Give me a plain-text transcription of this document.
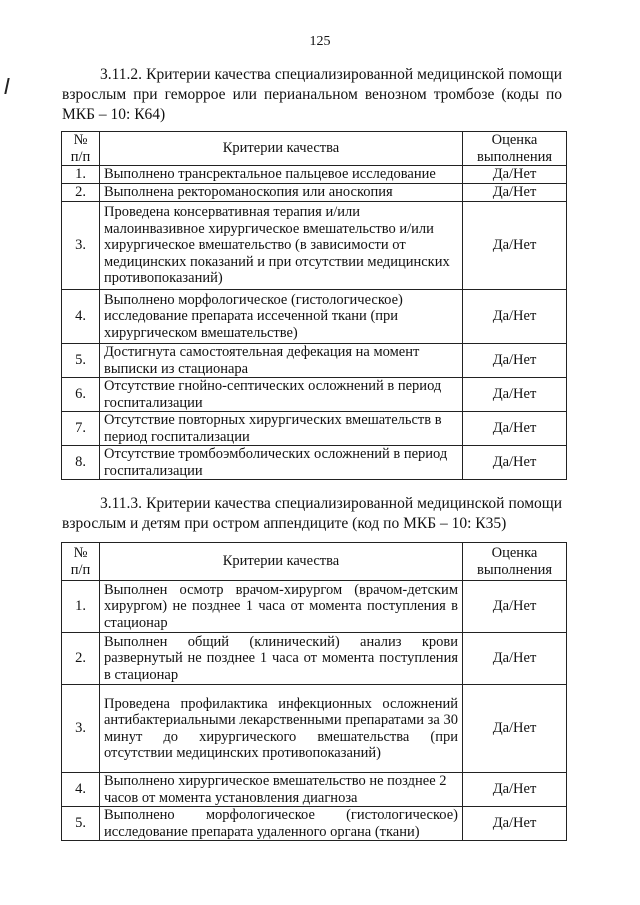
125
3.11.2. Критерии качества специализированной медицинской помощи
взрослым при геморрое или перианальном венозном тромбозе (коды по
МКБ – 10: К64)
№ п/п	Критерии качества	Оценка выполнения
1.	Выполнено трансректальное пальцевое исследование	Да/Нет
2.	Выполнена ректороманоскопия или аноскопия	Да/Нет
3.	Проведена консервативная терапия и/или малоинвазивное хирургическое вмешательство и/или хирургическое вмешательство (в зависимости от медицинских показаний и при отсутствии медицинских противопоказаний)	Да/Нет
4.	Выполнено морфологическое (гистологическое) исследование препарата иссеченной ткани (при хирургическом вмешательстве)	Да/Нет
5.	Достигнута самостоятельная дефекация на момент выписки из стационара	Да/Нет
6.	Отсутствие гнойно-септических осложнений в период госпитализации	Да/Нет
7.	Отсутствие повторных хирургических вмешательств в период госпитализации	Да/Нет
8.	Отсутствие тромбоэмболических осложнений в период госпитализации	Да/Нет
3.11.3. Критерии качества специализированной медицинской помощи
взрослым и детям при остром аппендиците (код по МКБ – 10: К35)
№ п/п	Критерии качества	Оценка выполнения
1.	Выполнен осмотр врачом-хирургом (врачом-детским хирургом) не позднее 1 часа от момента поступления в стационар	Да/Нет
2.	Выполнен общий (клинический) анализ крови развернутый не позднее 1 часа от момента поступления в стационар	Да/Нет
3.	Проведена профилактика инфекционных осложнений антибактериальными лекарственными препаратами за 30 минут до хирургического вмешательства (при отсутствии медицинских противопоказаний)	Да/Нет
4.	Выполнено хирургическое вмешательство не позднее 2 часов от момента установления диагноза	Да/Нет
5.	Выполнено морфологическое (гистологическое) исследование препарата удаленного органа (ткани)	Да/Нет
